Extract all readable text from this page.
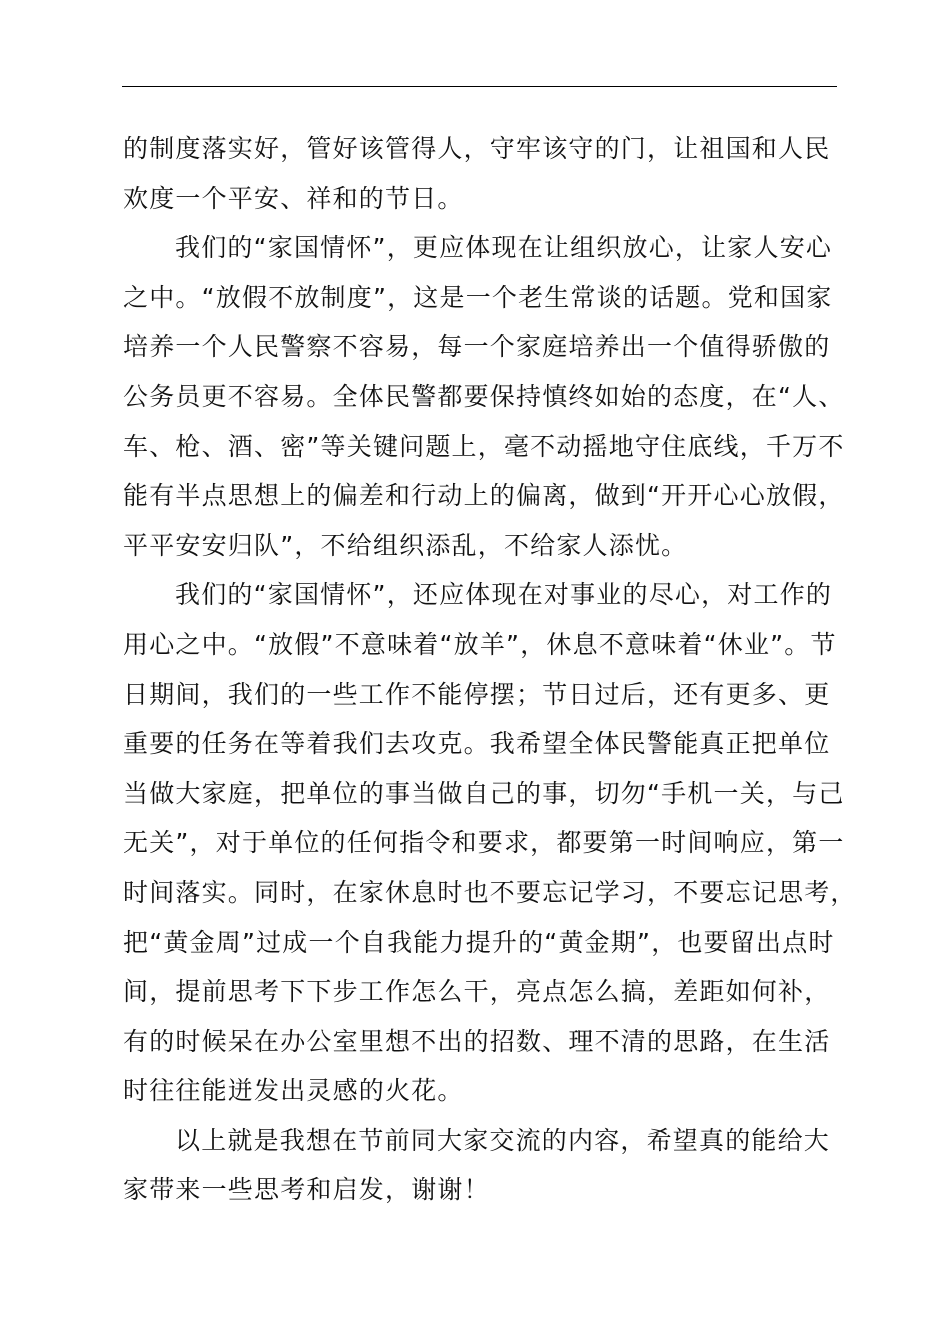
的制度落实好，管好该管得人，守牢该守的门，让祖国和人民
欢度一个平安、祥和的节日。

我们的“家国情怀”，更应体现在让组织放心，让家人安心
之中。“放假不放制度”，这是一个老生常谈的话题。党和国家
培养一个人民警察不容易，每一个家庭培养出一个值得骄傲的
公务员更不容易。全体民警都要保持慎终如始的态度，在“人、
车、枪、酒、密”等关键问题上，毫不动摇地守住底线，千万不
能有半点思想上的偏差和行动上的偏离，做到“开开心心放假，
平平安安归队”，不给组织添乱，不给家人添忧。

我们的“家国情怀”，还应体现在对事业的尽心，对工作的
用心之中。“放假”不意味着“放羊”，休息不意味着“休业”。节
日期间，我们的一些工作不能停摆；节日过后，还有更多、更
重要的任务在等着我们去攻克。我希望全体民警能真正把单位
当做大家庭，把单位的事当做自己的事，切勿“手机一关，与己
无关”，对于单位的任何指令和要求，都要第一时间响应，第一
时间落实。同时，在家休息时也不要忘记学习，不要忘记思考，
把“黄金周”过成一个自我能力提升的“黄金期”，也要留出点时
间，提前思考下下步工作怎么干，亮点怎么搞，差距如何补，
有的时候呆在办公室里想不出的招数、理不清的思路，在生活
时往往能迸发出灵感的火花。

以上就是我想在节前同大家交流的内容，希望真的能给大
家带来一些思考和启发，谢谢！
